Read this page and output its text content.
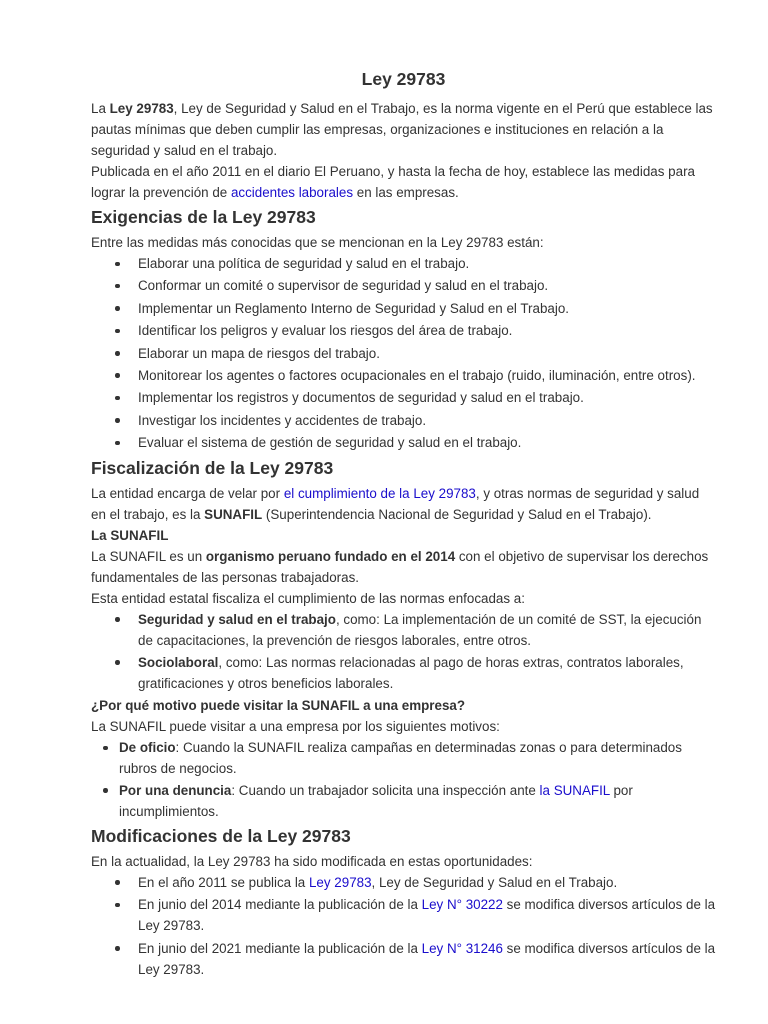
Ley 29783

La Ley 29783, Ley de Seguridad y Salud en el Trabajo, es la norma vigente en el Perú que establece las pautas mínimas que deben cumplir las empresas, organizaciones e instituciones en relación a la seguridad y salud en el trabajo.

Publicada en el año 2011 en el diario El Peruano, y hasta la fecha de hoy, establece las medidas para lograr la prevención de accidentes laborales en las empresas.

Exigencias de la Ley 29783

Entre las medidas más conocidas que se mencionan en la Ley 29783 están:

Elaborar una política de seguridad y salud en el trabajo.
Conformar un comité o supervisor de seguridad y salud en el trabajo.
Implementar un Reglamento Interno de Seguridad y Salud en el Trabajo.
Identificar los peligros y evaluar los riesgos del área de trabajo.
Elaborar un mapa de riesgos del trabajo.
Monitorear los agentes o factores ocupacionales en el trabajo (ruido, iluminación, entre otros).
Implementar los registros y documentos de seguridad y salud en el trabajo.
Investigar los incidentes y accidentes de trabajo.
Evaluar el sistema de gestión de seguridad y salud en el trabajo.
Fiscalización de la Ley 29783

La entidad encarga de velar por el cumplimiento de la Ley 29783, y otras normas de seguridad y salud en el trabajo, es la SUNAFIL (Superintendencia Nacional de Seguridad y Salud en el Trabajo).

La SUNAFIL

La SUNAFIL es un organismo peruano fundado en el 2014 con el objetivo de supervisar los derechos fundamentales de las personas trabajadoras.

Esta entidad estatal fiscaliza el cumplimiento de las normas enfocadas a:

Seguridad y salud en el trabajo, como: La implementación de un comité de SST, la ejecución de capacitaciones, la prevención de riesgos laborales, entre otros.
Sociolaboral, como: Las normas relacionadas al pago de horas extras, contratos laborales, gratificaciones y otros beneficios laborales.

¿Por qué motivo puede visitar la SUNAFIL a una empresa?

La SUNAFIL puede visitar a una empresa por los siguientes motivos:

De oficio: Cuando la SUNAFIL realiza campañas en determinadas zonas o para determinados rubros de negocios.
Por una denuncia: Cuando un trabajador solicita una inspección ante la SUNAFIL por incumplimientos.
Modificaciones de la Ley 29783

En la actualidad, la Ley 29783 ha sido modificada en estas oportunidades:

En el año 2011 se publica la Ley 29783, Ley de Seguridad y Salud en el Trabajo.
En junio del 2014 mediante la publicación de la Ley N° 30222 se modifica diversos artículos de la Ley 29783.
En junio del 2021 mediante la publicación de la Ley N° 31246 se modifica diversos artículos de la Ley 29783.
